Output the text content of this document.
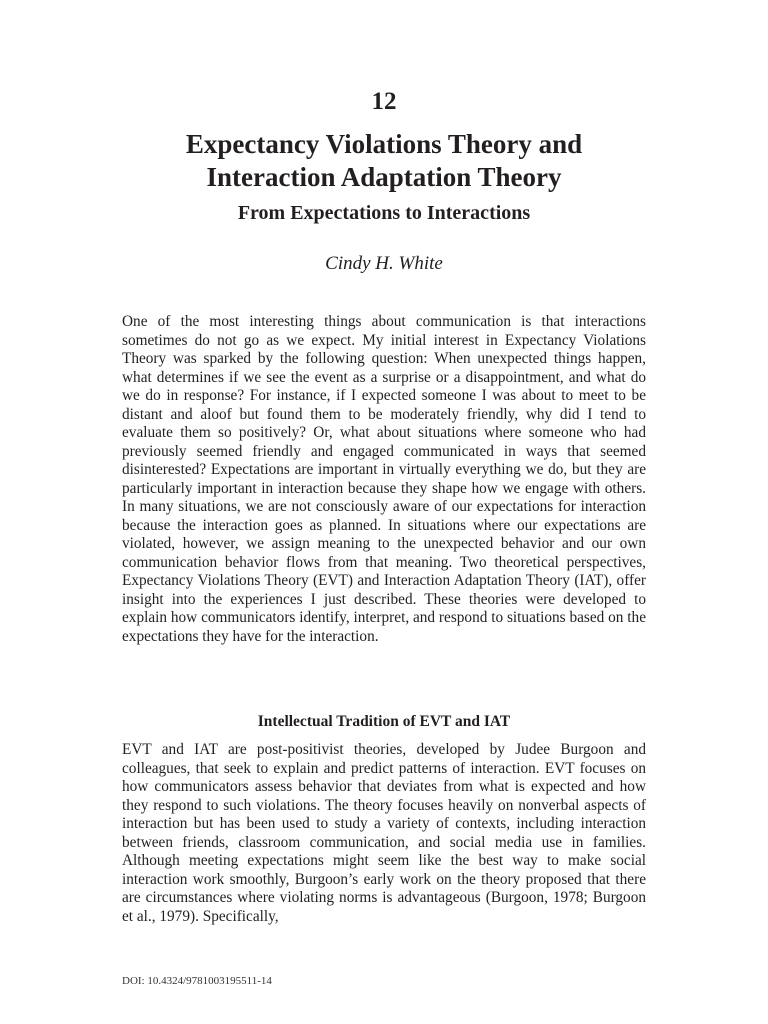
12
Expectancy Violations Theory and
Interaction Adaptation Theory
From Expectations to Interactions

Cindy H. White

One of the most interesting things about communication is that interactions sometimes do not go as we expect. My initial interest in Expectancy Violations Theory was sparked by the following question: When unexpected things happen, what determines if we see the event as a surprise or a disappointment, and what do we do in response? For instance, if I expected someone I was about to meet to be distant and aloof but found them to be moderately friendly, why did I tend to evaluate them so positively? Or, what about situations where someone who had previously seemed friendly and engaged communicated in ways that seemed disinterested? Expectations are important in virtually everything we do, but they are particularly important in interaction because they shape how we engage with others. In many situations, we are not consciously aware of our expectations for interaction because the interaction goes as planned. In situations where our expectations are violated, however, we assign meaning to the unexpected behavior and our own communication behavior flows from that meaning. Two theoretical perspectives, Expectancy Violations Theory (EVT) and Interaction Adaptation Theory (IAT), offer insight into the experiences I just described. These theories were developed to explain how communicators identify, interpret, and respond to situations based on the expectations they have for the interaction.

Intellectual Tradition of EVT and IAT

EVT and IAT are post-positivist theories, developed by Judee Burgoon and colleagues, that seek to explain and predict patterns of interaction. EVT focuses on how communicators assess behavior that deviates from what is expected and how they respond to such violations. The theory focuses heavily on nonverbal aspects of interaction but has been used to study a variety of contexts, including interaction between friends, classroom communication, and social media use in families. Although meeting expectations might seem like the best way to make social interaction work smoothly, Burgoon’s early work on the theory proposed that there are circumstances where violating norms is advantageous (Burgoon, 1978; Burgoon et al., 1979). Specifically,

DOI: 10.4324/9781003195511-14
